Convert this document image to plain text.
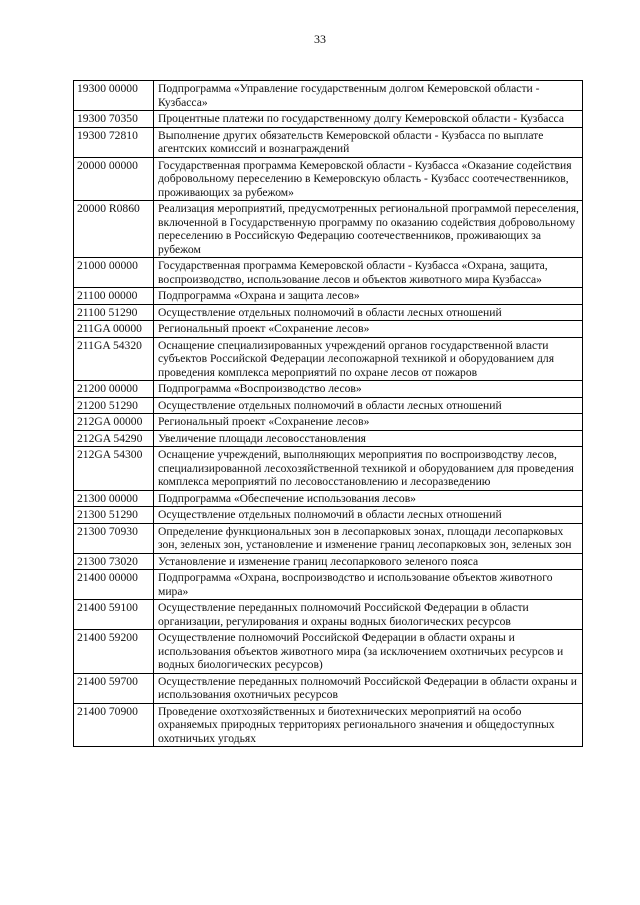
33
19300 00000	Подпрограмма «Управление государственным долгом Кемеровской области - Кузбасса»
19300 70350	Процентные платежи по государственному долгу Кемеровской области - Кузбасса
19300 72810	Выполнение других обязательств Кемеровской области - Кузбасса по выплате агентских комиссий и вознаграждений
20000 00000	Государственная программа Кемеровской области - Кузбасса «Оказание содействия добровольному переселению в Кемеровскую область - Кузбасс соотечественников, проживающих за рубежом»
20000 R0860	Реализация мероприятий, предусмотренных региональной программой переселения, включенной в Государственную программу по оказанию содействия добровольному переселению в Российскую Федерацию соотечественников, проживающих за рубежом
21000 00000	Государственная программа Кемеровской области - Кузбасса «Охрана, защита, воспроизводство, использование лесов и объектов животного мира Кузбасса»
21100 00000	Подпрограмма «Охрана и защита лесов»
21100 51290	Осуществление отдельных полномочий в области лесных отношений
211GA 00000	Региональный проект «Сохранение лесов»
211GA 54320	Оснащение специализированных учреждений органов государственной власти субъектов Российской Федерации лесопожарной техникой и оборудованием для проведения комплекса мероприятий по охране лесов от пожаров
21200 00000	Подпрограмма «Воспроизводство лесов»
21200 51290	Осуществление отдельных полномочий в области лесных отношений
212GA 00000	Региональный проект «Сохранение лесов»
212GA 54290	Увеличение площади лесовосстановления
212GA 54300	Оснащение учреждений, выполняющих мероприятия по воспроизводству лесов, специализированной лесохозяйственной техникой и оборудованием для проведения комплекса мероприятий по лесовосстановлению и лесоразведению
21300 00000	Подпрограмма «Обеспечение использования лесов»
21300 51290	Осуществление отдельных полномочий в области лесных отношений
21300 70930	Определение функциональных зон в лесопарковых зонах, площади лесопарковых зон, зеленых зон, установление и изменение границ лесопарковых зон, зеленых зон
21300 73020	Установление и изменение границ лесопаркового зеленого пояса
21400 00000	Подпрограмма «Охрана, воспроизводство и использование объектов животного мира»
21400 59100	Осуществление переданных полномочий Российской Федерации в области организации, регулирования и охраны водных биологических ресурсов
21400 59200	Осуществление полномочий Российской Федерации в области охраны и использования объектов животного мира (за исключением охотничьих ресурсов и водных биологических ресурсов)
21400 59700	Осуществление переданных полномочий Российской Федерации в области охраны и использования охотничьих ресурсов
21400 70900	Проведение охотхозяйственных и биотехнических мероприятий на особо охраняемых природных территориях регионального значения и общедоступных охотничьих угодьях
